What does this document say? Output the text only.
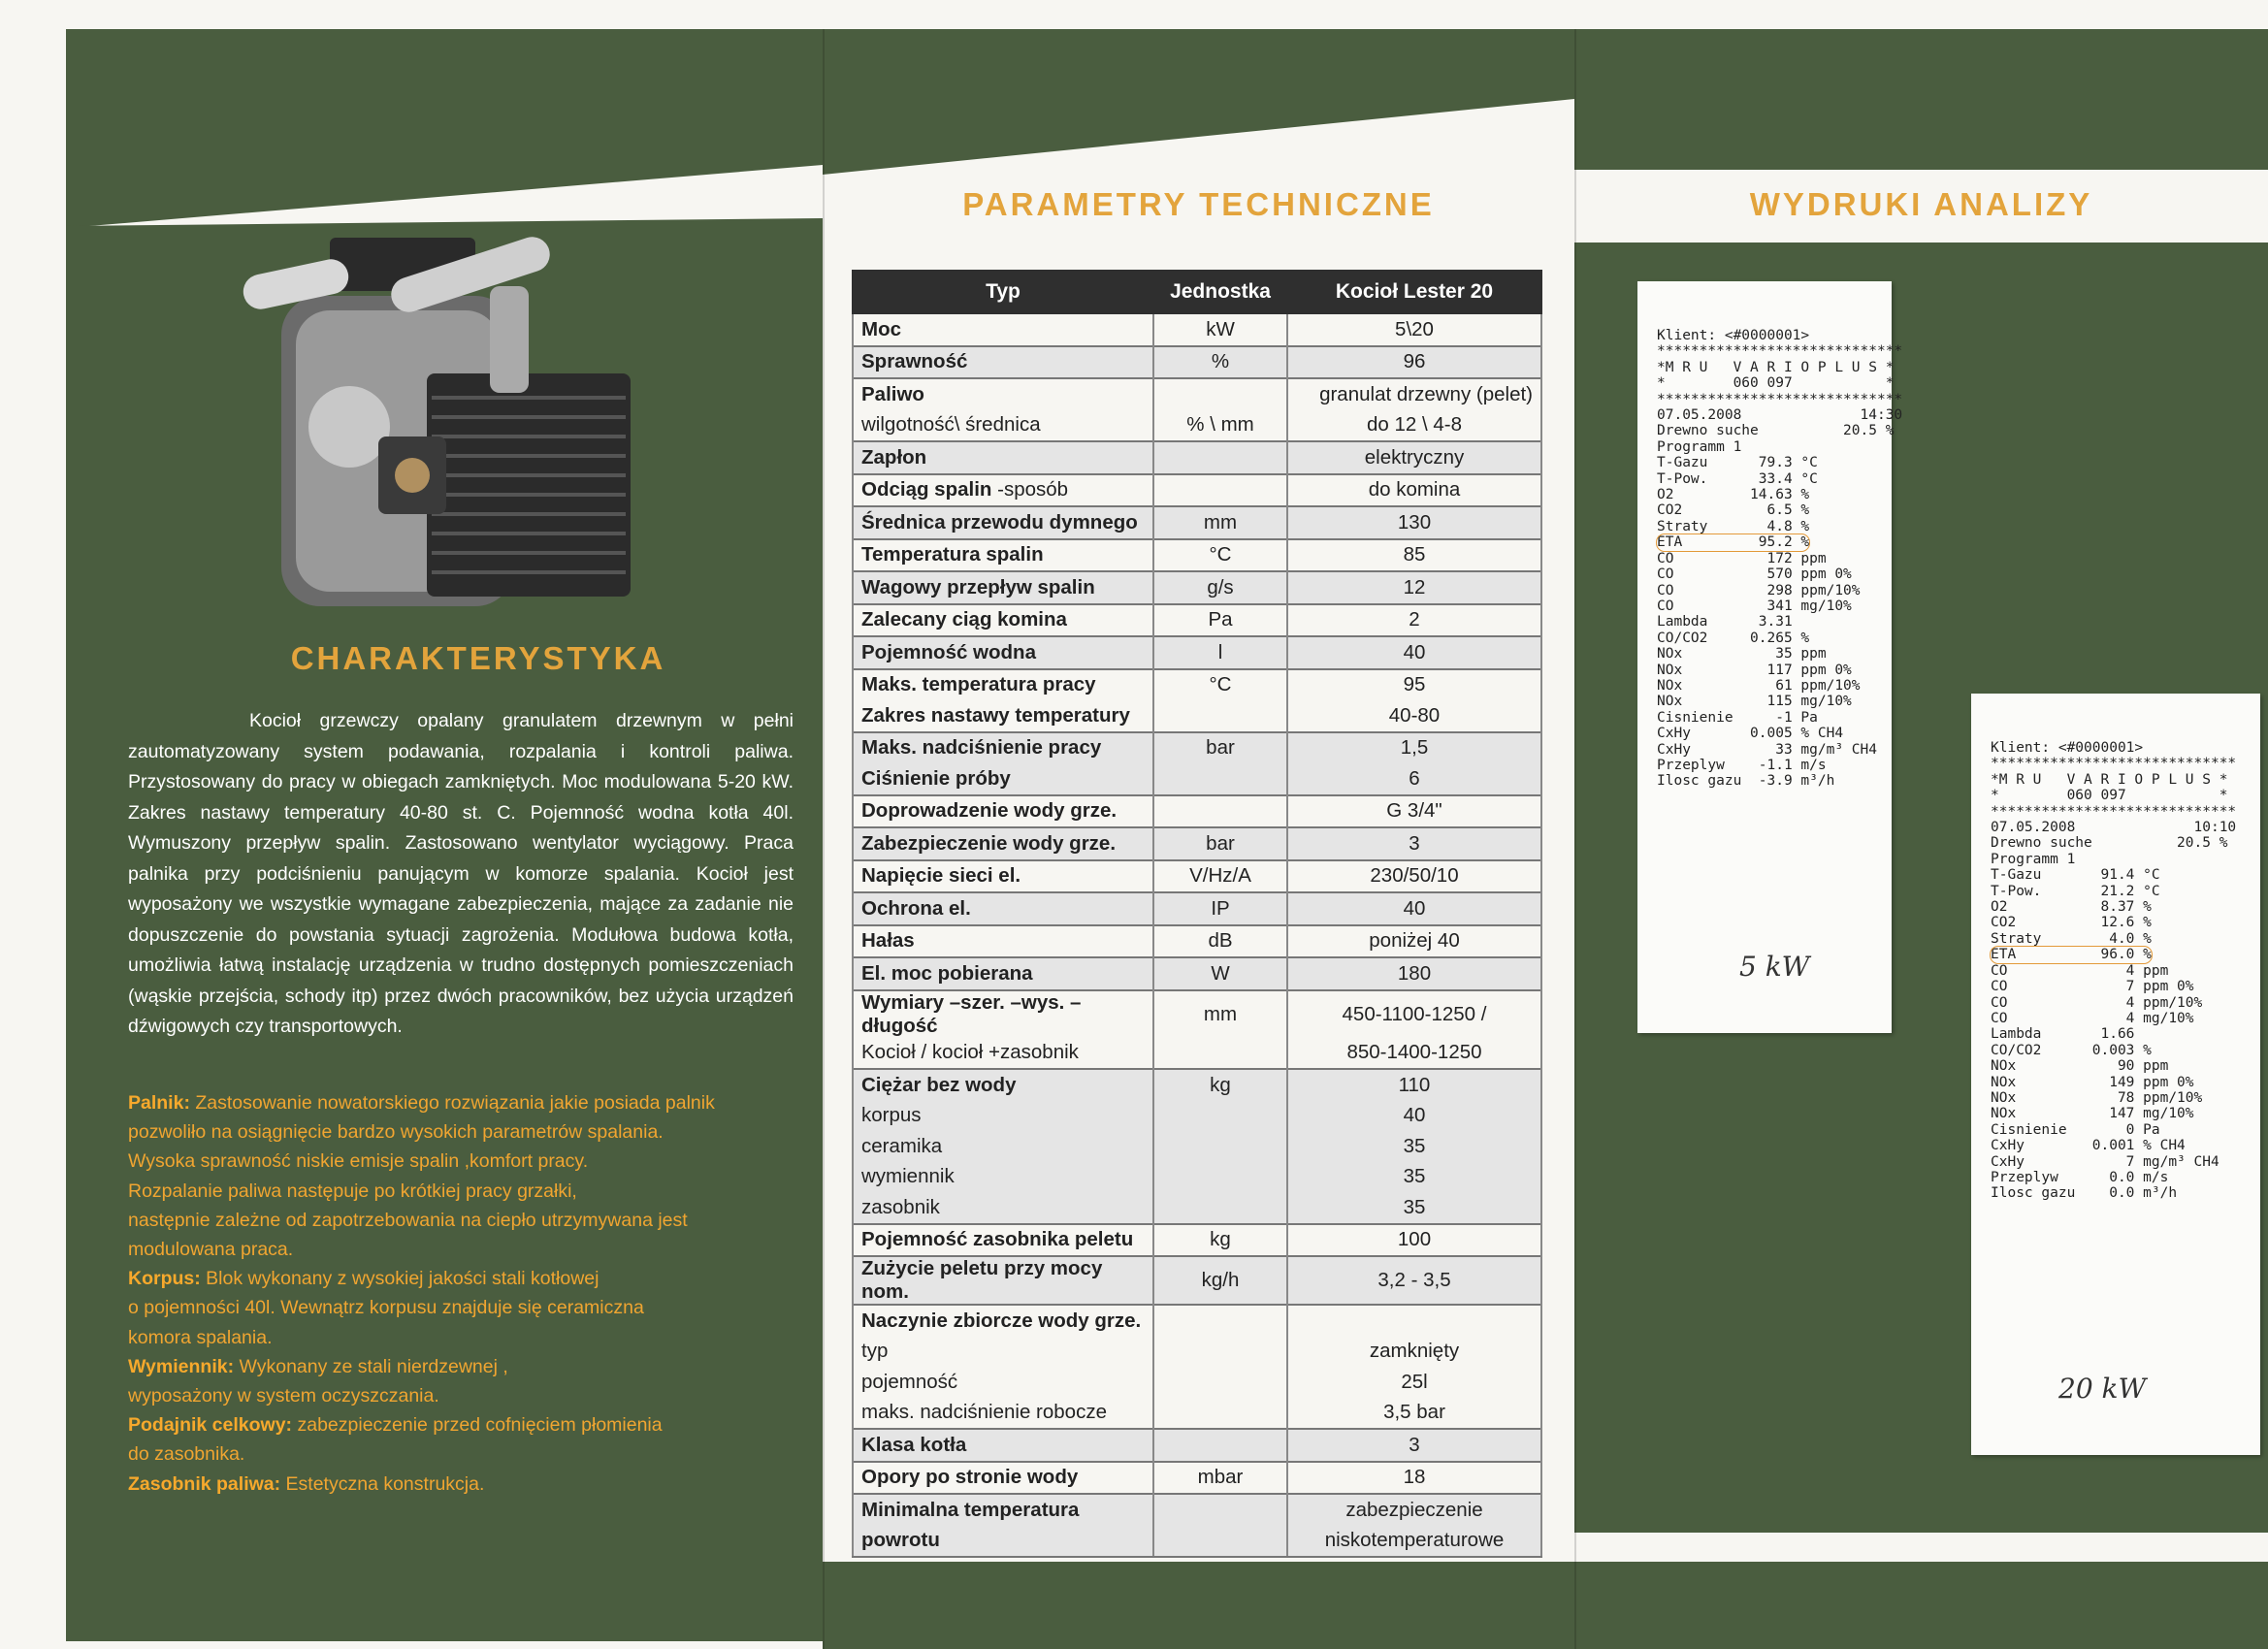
CHARAKTERYSTYKA
Kocioł grzewczy opalany granulatem drzewnym w pełni zautomatyzowany system podawania, rozpalania i kontroli paliwa. Przystosowany do pracy w obiegach zamkniętych. Moc modulowana 5-20 kW. Zakres nastawy temperatury 40-80 st. C. Pojemność wodna kotła 40l. Wymuszony przepływ spalin. Zastosowano wentylator wyciągowy. Praca palnika przy podciśnieniu panującym w komorze spalania. Kocioł jest wyposażony we wszystkie wymagane zabezpieczenia, mające za zadanie nie dopuszczenie do powstania sytuacji zagrożenia. Modułowa budowa kotła, umożliwia łatwą instalację urządzenia w trudno dostępnych pomieszczeniach (wąskie przejścia, schody itp) przez dwóch pracowników, bez użycia urządzeń dźwigowych czy transportowych.
Palnik: Zastosowanie nowatorskiego rozwiązania jakie posiada palnik
pozwoliło na osiągnięcie bardzo wysokich parametrów spalania.
Wysoka sprawność niskie emisje spalin ,komfort pracy.
Rozpalanie paliwa następuje po krótkiej pracy grzałki,
następnie zależne od zapotrzebowania na ciepło utrzymywana jest
modulowana praca.
Korpus: Blok wykonany z wysokiej jakości stali kotłowej
o pojemności 40l. Wewnątrz korpusu znajduje się ceramiczna
komora spalania.
Wymiennik: Wykonany ze stali nierdzewnej ,
wyposażony w system oczyszczania.
Podajnik celkowy: zabezpieczenie przed cofnięciem płomienia
do zasobnika.
Zasobnik paliwa: Estetyczna konstrukcja.
PARAMETRY TECHNICZNE
Typ	Jednostka	Kocioł Lester 20
Moc	kW	5\20
Sprawność	%	96
Paliwo		granulat drzewny (pelet)
wilgotność\ średnica	% \ mm	do 12 \ 4-8
Zapłon		elektryczny
Odciąg spalin -sposób		do komina
Średnica przewodu dymnego	mm	130
Temperatura spalin	°C	85
Wagowy przepływ spalin	g/s	12
Zalecany ciąg komina	Pa	2
Pojemność wodna	l	40
Maks. temperatura pracy	°C	95
Zakres nastawy temperatury		40-80
Maks. nadciśnienie pracy	bar	1,5
Ciśnienie próby		6
Doprowadzenie wody grze.		G 3/4"
Zabezpieczenie wody grze.	bar	3
Napięcie sieci el.	V/Hz/A	230/50/10
Ochrona el.	IP	40
Hałas	dB	poniżej 40
El. moc pobierana	W	180
Wymiary –szer. –wys. – długość	mm	450-1100-1250 /
Kocioł / kocioł +zasobnik		850-1400-1250
Ciężar bez wody	kg	110
korpus		40
ceramika		35
wymiennik		35
zasobnik		35
Pojemność zasobnika peletu	kg	100
Zużycie peletu przy mocy nom.	kg/h	3,2 - 3,5
Naczynie zbiorcze wody grze.		
typ		zamknięty
pojemność		25l
maks. nadciśnienie robocze		3,5 bar
Klasa kotła		3
Opory po stronie wody	mbar	18
Minimalna temperatura		zabezpieczenie
powrotu		niskotemperaturowe
WYDRUKI ANALIZY
Klient: <#0000001>
*****************************
*M R U   V A R I O P L U S *
*        060 097           *
*****************************
07.05.2008              14:30
Drewno suche          20.5 %
Programm 1
T-Gazu      79.3 °C
T-Pow.      33.4 °C
O2         14.63 %
CO2          6.5 %
Straty       4.8 %
ETA         95.2 %

CO           172 ppm
CO           570 ppm 0%
CO           298 ppm/10%
CO           341 mg/10%
Lambda      3.31
CO/CO2     0.265 %
NOx           35 ppm
NOx          117 ppm 0%
NOx           61 ppm/10%
NOx          115 mg/10%
Cisnienie     -1 Pa
CxHy       0.005 % CH4
CxHy          33 mg/m³ CH4
Przeplyw    -1.1 m/s
Ilosc gazu  -3.9 m³/h
5 kW
Klient: <#0000001>
*****************************
*M R U   V A R I O P L U S *
*        060 097           *
*****************************
07.05.2008              10:10
Drewno suche          20.5 %
Programm 1
T-Gazu       91.4 °C
T-Pow.       21.2 °C
O2           8.37 %
CO2          12.6 %
Straty        4.0 %
ETA          96.0 %

CO              4 ppm
CO              7 ppm 0%
CO              4 ppm/10%
CO              4 mg/10%
Lambda       1.66
CO/CO2      0.003 %
NOx            90 ppm
NOx           149 ppm 0%
NOx            78 ppm/10%
NOx           147 mg/10%
Cisnienie       0 Pa
CxHy        0.001 % CH4
CxHy            7 mg/m³ CH4
Przeplyw      0.0 m/s
Ilosc gazu    0.0 m³/h
20 kW
